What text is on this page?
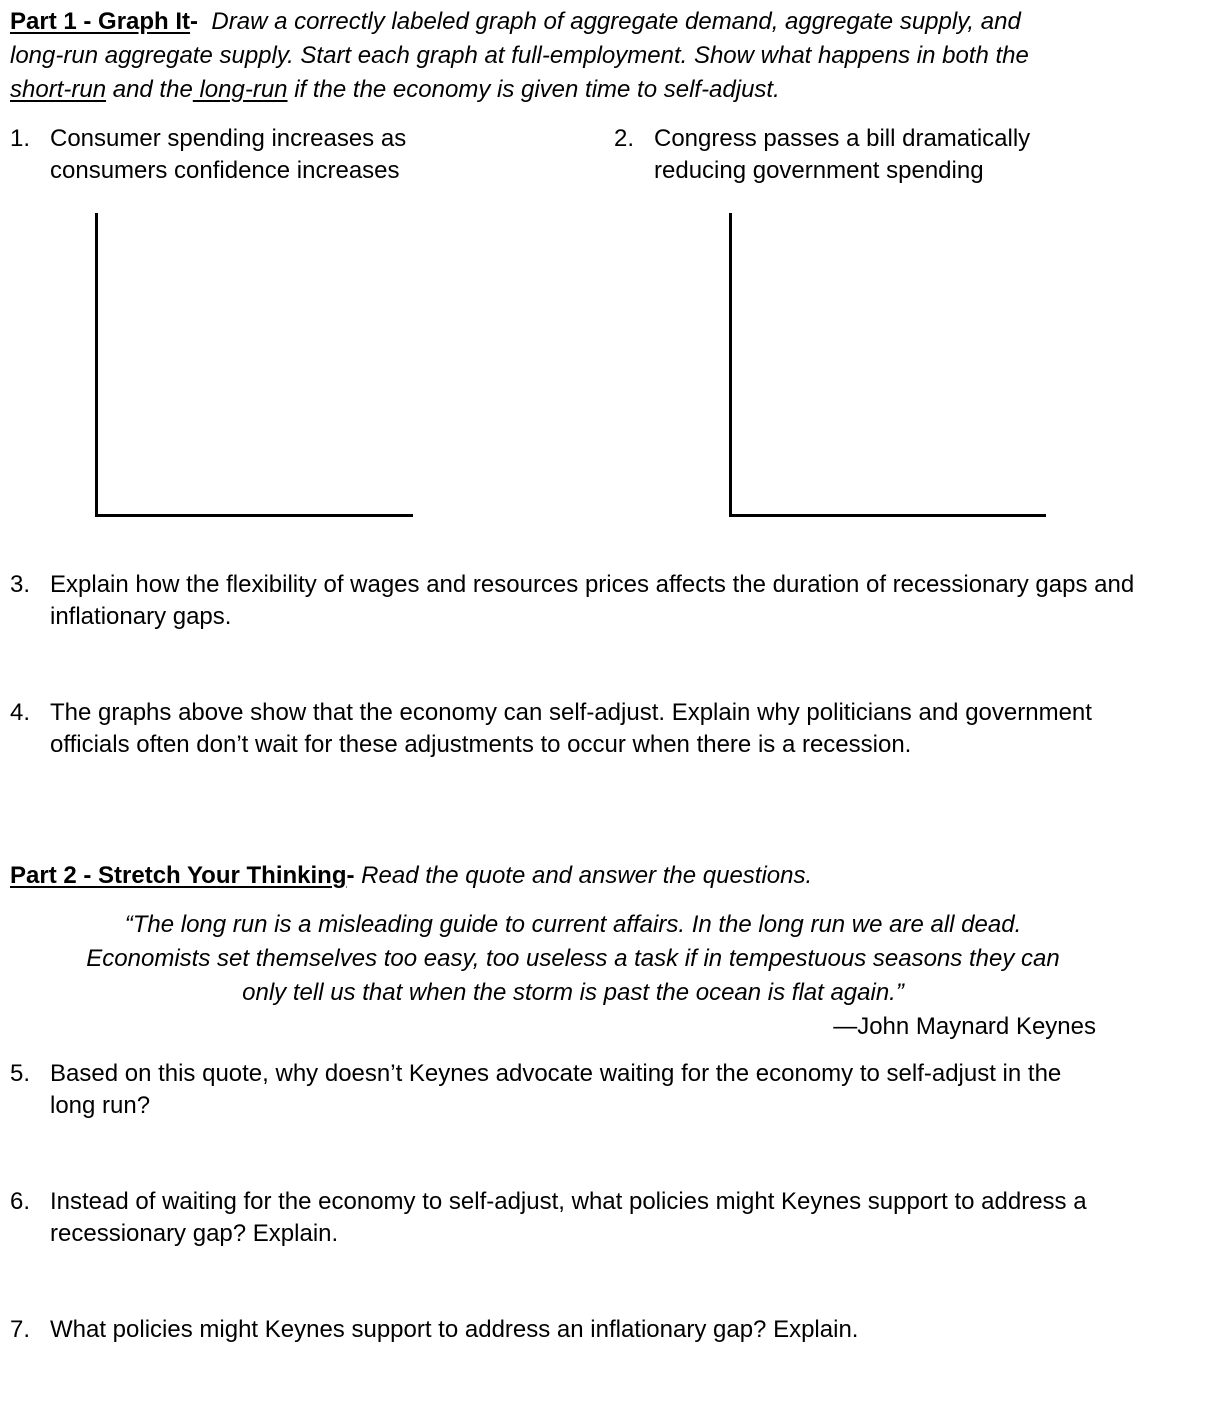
Part 1 - Graph It- Draw a correctly labeled graph of aggregate demand, aggregate supply, and
long-run aggregate supply. Start each graph at full-employment. Show what happens in both the
short-run and the long-run if the the economy is given time to self-adjust.
1. Consumer spending increases as consumers confidence increases
2. Congress passes a bill dramatically reducing government spending
3. Explain how the flexibility of wages and resources prices affects the duration of recessionary gaps and inflationary gaps.
4. The graphs above show that the economy can self-adjust. Explain why politicians and government officials often don’t wait for these adjustments to occur when there is a recession.
Part 2 - Stretch Your Thinking- Read the quote and answer the questions.
“The long run is a misleading guide to current affairs. In the long run we are all dead.
Economists set themselves too easy, too useless a task if in tempestuous seasons they can
only tell us that when the storm is past the ocean is flat again.”
—John Maynard Keynes
5. Based on this quote, why doesn’t Keynes advocate waiting for the economy to self-adjust in the long run?
6. Instead of waiting for the economy to self-adjust, what policies might Keynes support to address a recessionary gap? Explain.
7. What policies might Keynes support to address an inflationary gap? Explain.
